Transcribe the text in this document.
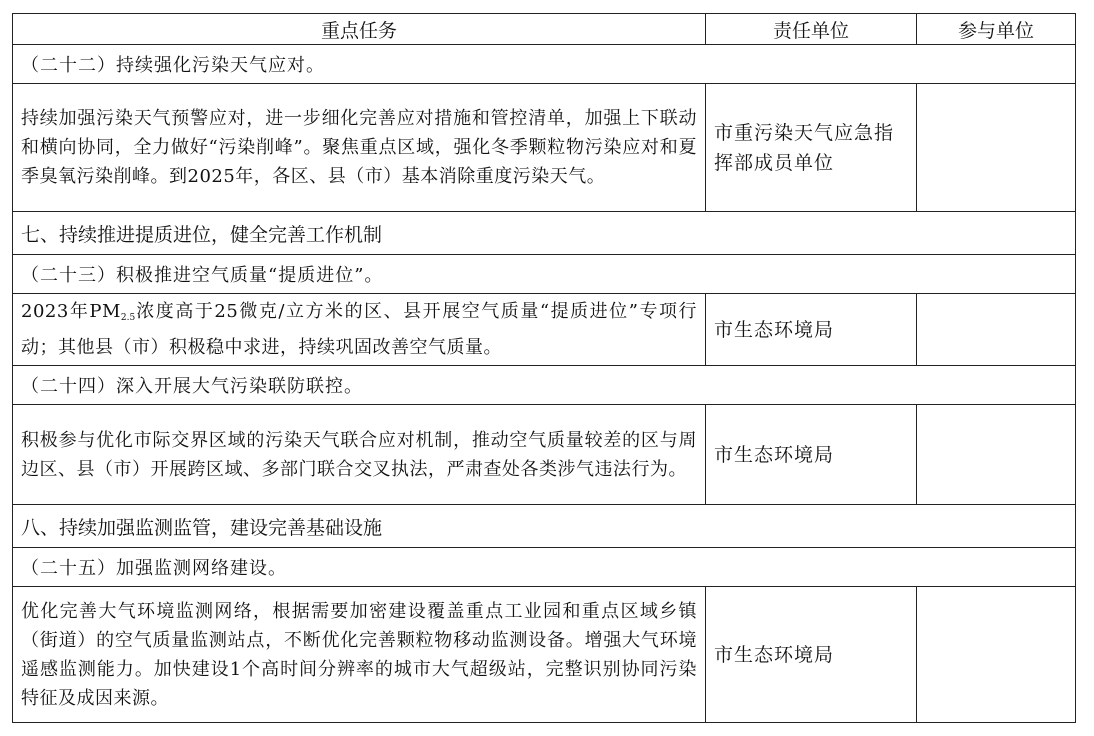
重点任务	责任单位	参与单位
（二十二）持续强化污染天气应对。		
持续加强污染天气预警应对，进一步细化完善应对措施和管控清单，加强上下联动和横向协同，全力做好“污染削峰”。聚焦重点区域，强化冬季颗粒物污染应对和夏季臭氧污染削峰。到2025年，各区、县（市）基本消除重度污染天气。	市重污染天气应急指挥部成员单位	
七、持续推进提质进位，健全完善工作机制		
（二十三）积极推进空气质量“提质进位”。		
2023年$PM_{2.5}$浓度高于25微克/立方米的区、县开展空气质量“提质进位”专项行动；其他县（市）积极稳中求进，持续巩固改善空气质量。	市生态环境局	
（二十四）深入开展大气污染联防联控。		
积极参与优化市际交界区域的污染天气联合应对机制，推动空气质量较差的区与周边区、县（市）开展跨区域、多部门联合交叉执法，严肃查处各类涉气违法行为。	市生态环境局	
八、持续加强监测监管，建设完善基础设施		
（二十五）加强监测网络建设。		
优化完善大气环境监测网络，根据需要加密建设覆盖重点工业园和重点区域乡镇（街道）的空气质量监测站点，不断优化完善颗粒物移动监测设备。增强大气环境遥感监测能力。加快建设1个高时间分辨率的城市大气超级站，完整识别协同污染特征及成因来源。	市生态环境局	
